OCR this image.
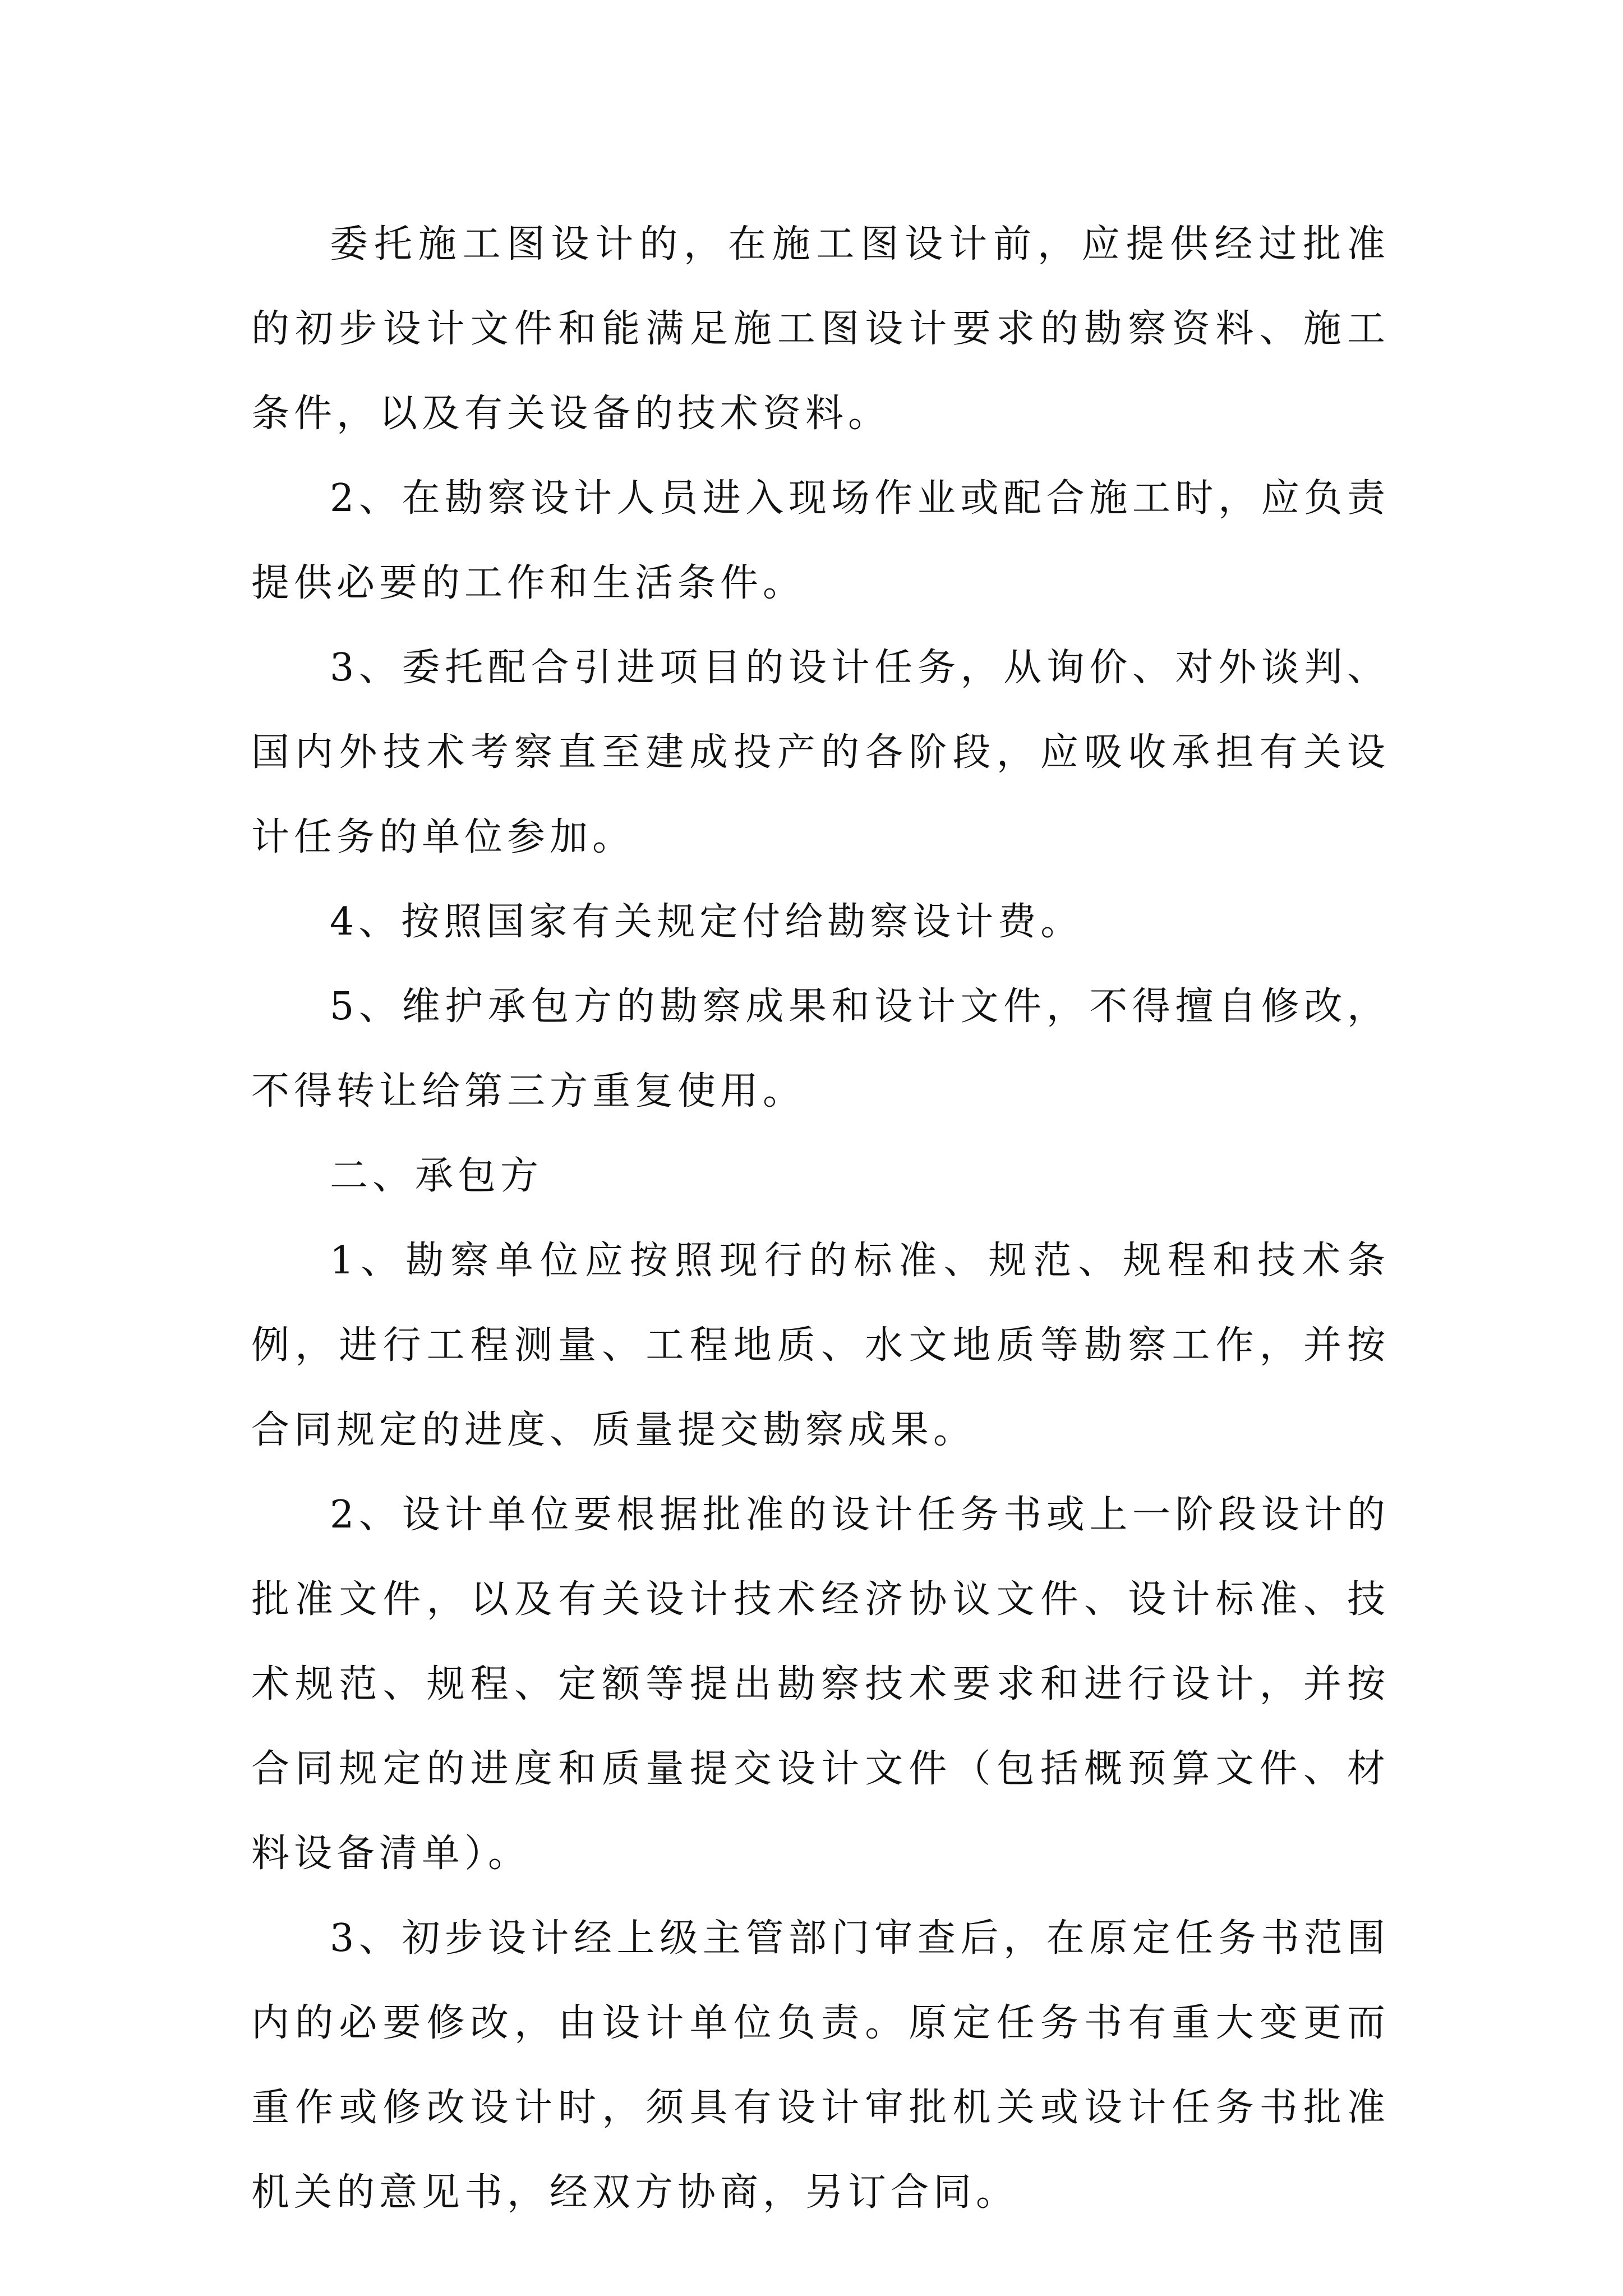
委托施工图设计的，在施工图设计前，应提供经过批准的初步设计文件和能满足施工图设计要求的勘察资料、施工条件，以及有关设备的技术资料。

2、在勘察设计人员进入现场作业或配合施工时，应负责提供必要的工作和生活条件。

3、委托配合引进项目的设计任务，从询价、对外谈判、国内外技术考察直至建成投产的各阶段，应吸收承担有关设计任务的单位参加。

4、按照国家有关规定付给勘察设计费。

5、维护承包方的勘察成果和设计文件，不得擅自修改，不得转让给第三方重复使用。

二、承包方

1、勘察单位应按照现行的标准、规范、规程和技术条例，进行工程测量、工程地质、水文地质等勘察工作，并按合同规定的进度、质量提交勘察成果。

2、设计单位要根据批准的设计任务书或上一阶段设计的批准文件，以及有关设计技术经济协议文件、设计标准、技术规范、规程、定额等提出勘察技术要求和进行设计，并按合同规定的进度和质量提交设计文件（包括概预算文件、材料设备清单）。

3、初步设计经上级主管部门审查后，在原定任务书范围内的必要修改，由设计单位负责。原定任务书有重大变更而重作或修改设计时，须具有设计审批机关或设计任务书批准机关的意见书，经双方协商，另订合同。
